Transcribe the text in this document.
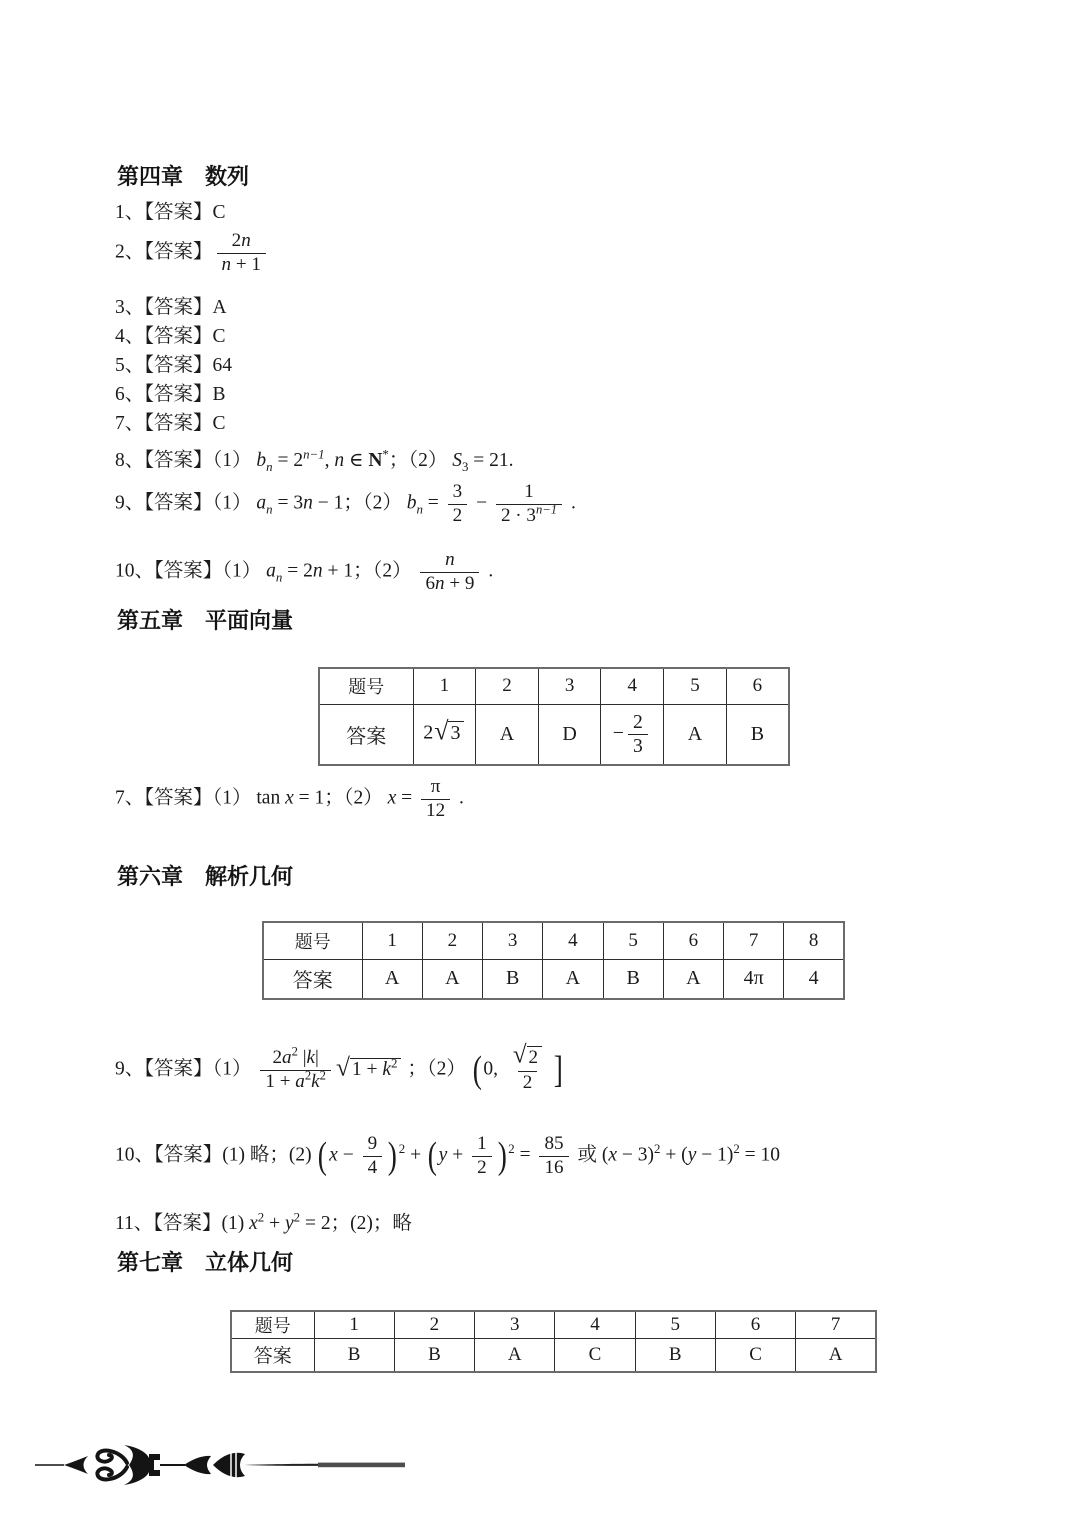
第四章　数列
1、【答案】C
2、【答案】 $\frac{2n}{n + 1}$
3、【答案】A
4、【答案】C
5、【答案】64
6、【答案】B
7、【答案】C
8、【答案】（1） $b_n = 2^{n-1}$, n ∈ N*；（2） $S_3 = 21$.
9、【答案】（1） $a_n = 3n - 1$；（2） $b_n = \frac{3}{2} - \frac{1}{2 \cdot 3^{n-1}}$ .
10、【答案】（1） $a_n = 2n + 1$；$(2) \frac{n}{6n + 9}$ .
第五章　平面向量
题号	1	2	3	4	5	6
答案	2 √ 3	A	D	− $\frac{2}{3}$	A	B
7、【答案】（1） tan x = 1；（2） $x = \frac{\pi}{12}$ .
第六章　解析几何
题号	1	2	3	4	5	6	7	8
答案	A	A	B	A	B	A	4π	4
9、【答案】$(1) \frac{2a^2 |k|}{1 + a^2k^2}$ √ $1 + k^2$ ；（2） (0, $\frac{√ 2}{2}$ ]
10、【答案】(1) 略；(2) ($x - \frac{9}{4}$ ) $^2 + (y + \frac{1}{2}$ ) $^2 = \frac{85}{16}$ 或 $(x - 3)^2 + (y - 1)^2 = 10$
11、【答案】(1) $x^2 + y^2 = 2$；(2)；略
第七章　立体几何
题号	1	2	3	4	5	6	7
答案	B	B	A	C	B	C	A
